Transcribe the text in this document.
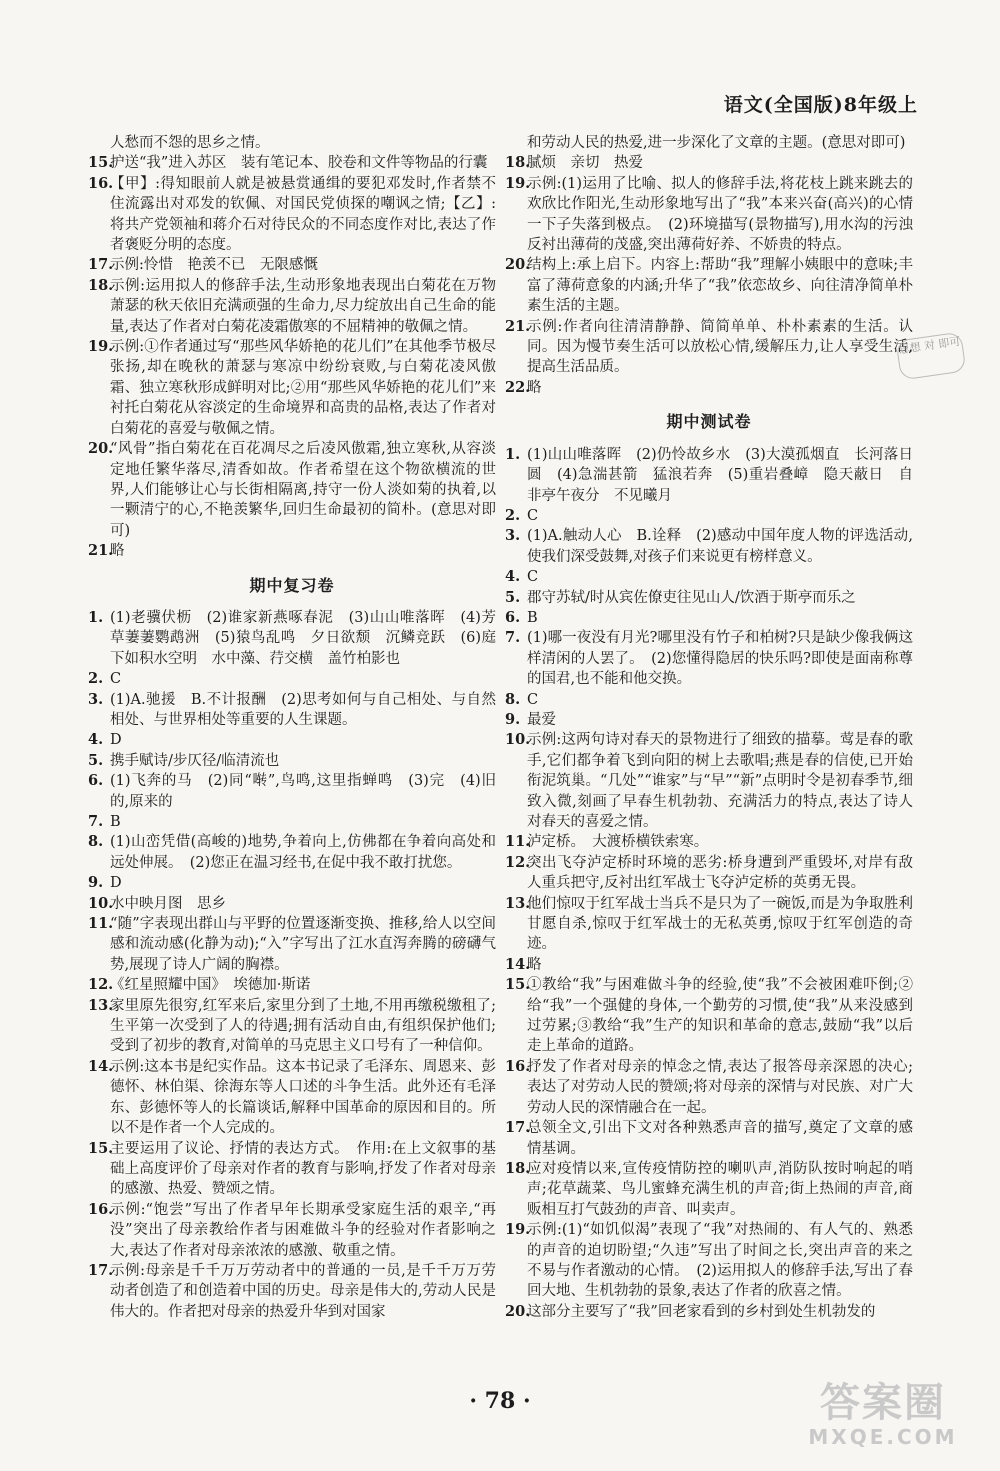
语文(全国版)8年级上

人愁而不怨的思乡之情。

15.
护送“我”进入苏区　装有笔记本、胶卷和文件等物品的行囊

16.
【甲】:得知眼前人就是被悬赏通缉的要犯邓发时,作者禁不住流露出对邓发的钦佩、对国民党侦探的嘲讽之情;【乙】:将共产党领袖和蒋介石对待民众的不同态度作对比,表达了作者褒贬分明的态度。

17.
示例:怜惜　艳羡不已　无限感慨

18.
示例:运用拟人的修辞手法,生动形象地表现出白菊花在万物萧瑟的秋天依旧充满顽强的生命力,尽力绽放出自己生命的能量,表达了作者对白菊花凌霜傲寒的不屈精神的敬佩之情。

19.
示例:①作者通过写“那些风华娇艳的花儿们”在其他季节极尽张扬,却在晚秋的萧瑟与寒凉中纷纷衰败,与白菊花凌风傲霜、独立寒秋形成鲜明对比;②用“那些风华娇艳的花儿们”来衬托白菊花从容淡定的生命境界和高贵的品格,表达了作者对白菊花的喜爱与敬佩之情。

20.
“风骨”指白菊花在百花凋尽之后凌风傲霜,独立寒秋,从容淡定地任繁华落尽,清香如故。作者希望在这个物欲横流的世界,人们能够让心与长街相隔离,持守一份人淡如菊的执着,以一颗清宁的心,不艳羡繁华,回归生命最初的简朴。(意思对即可)

21.
略

期中复习卷

1. (1)老骥伏枥　(2)谁家新燕啄春泥　(3)山山唯落晖　(4)芳草萋萋鹦鹉洲　(5)猿鸟乱鸣　夕日欲颓　沉鳞竞跃　(6)庭下如积水空明　水中藻、荇交横　盖竹柏影也

2. C

3. (1)A.驰援　B.不计报酬　(2)思考如何与自己相处、与自然相处、与世界相处等重要的人生课题。

4. D

5. 携手赋诗/步仄径/临清流也

6. (1)飞奔的马　(2)同“啭”,鸟鸣,这里指蝉鸣　(3)完　(4)旧的,原来的

7. B

8. (1)山峦凭借(高峻的)地势,争着向上,仿佛都在争着向高处和远处伸展。　(2)您正在温习经书,在促中我不敢打扰您。

9. D

10.
水中映月图　思乡

11.
“随”字表现出群山与平野的位置逐渐变换、推移,给人以空间感和流动感(化静为动);“入”字写出了江水直泻奔腾的磅礴气势,展现了诗人广阔的胸襟。

12.
《红星照耀中国》　埃德加·斯诺

13.
家里原先很穷,红军来后,家里分到了土地,不用再缴税缴租了;生平第一次受到了人的待遇;拥有活动自由,有组织保护他们;受到了初步的教育,对简单的马克思主义口号有了一种信仰。

14.
示例:这本书是纪实作品。这本书记录了毛泽东、周恩来、彭德怀、林伯渠、徐海东等人口述的斗争生活。此外还有毛泽东、彭德怀等人的长篇谈话,解释中国革命的原因和目的。所以不是作者一个人完成的。

15.
主要运用了议论、抒情的表达方式。　作用:在上文叙事的基础上高度评价了母亲对作者的教育与影响,抒发了作者对母亲的感激、热爱、赞颂之情。

16.
示例:“饱尝”写出了作者早年长期承受家庭生活的艰辛,“再没”突出了母亲教给作者与困难做斗争的经验对作者影响之大,表达了作者对母亲浓浓的感激、敬重之情。

17.
示例:母亲是千千万万劳动者中的普通的一员,是千千万万劳动者创造了和创造着中国的历史。母亲是伟大的,劳动人民是伟大的。作者把对母亲的热爱升华到对国家

和劳动人民的热爱,进一步深化了文章的主题。(意思对即可)

18.
腻烦　亲切　热爱

19.
示例:(1)运用了比喻、拟人的修辞手法,将花枝上跳来跳去的欢欣比作阳光,生动形象地写出了“我”本来兴奋(高兴)的心情一下子失落到极点。　(2)环境描写(景物描写),用水沟的污浊反衬出薄荷的茂盛,突出薄荷好养、不娇贵的特点。

20.
结构上:承上启下。内容上:帮助“我”理解小姨眼中的意味;丰富了薄荷意象的内涵;升华了“我”依恋故乡、向往清净简单朴素生活的主题。

21.
示例:作者向往清清静静、简简单单、朴朴素素的生活。认同。因为慢节奏生活可以放松心情,缓解压力,让人享受生活,提高生活品质。

22.
略

期中测试卷

1. (1)山山唯落晖　(2)仍怜故乡水　(3)大漠孤烟直　长河落日圆　(4)急湍甚箭　猛浪若奔　(5)重岩叠嶂　隐天蔽日　自非亭午夜分　不见曦月

2. C

3. (1)A.触动人心　B.诠释　(2)感动中国年度人物的评选活动,使我们深受鼓舞,对孩子们来说更有榜样意义。

4. C

5. 郡守苏轼/时从宾佐僚吏往见山人/饮酒于斯亭而乐之

6. B

7. (1)哪一夜没有月光?哪里没有竹子和柏树?只是缺少像我俩这样清闲的人罢了。　(2)您懂得隐居的快乐吗?即使是面南称尊的国君,也不能和他交换。

8. C

9. 最爱

10.
示例:这两句诗对春天的景物进行了细致的描摹。莺是春的歌手,它们都争着飞到向阳的树上去歌唱;燕是春的信使,已开始衔泥筑巢。“几处”“谁家”与“早”“新”点明时令是初春季节,细致入微,刻画了早春生机勃勃、充满活力的特点,表达了诗人对春天的喜爱之情。

11.
泸定桥。　大渡桥横铁索寒。

12.
突出飞夺泸定桥时环境的恶劣:桥身遭到严重毁坏,对岸有敌人重兵把守,反衬出红军战士飞夺泸定桥的英勇无畏。

13.
他们惊叹于红军战士当兵不是只为了一碗饭,而是为争取胜利甘愿自杀,惊叹于红军战士的无私英勇,惊叹于红军创造的奇迹。

14.
略

15.
①教给“我”与困难做斗争的经验,使“我”不会被困难吓倒;②给“我”一个强健的身体,一个勤劳的习惯,使“我”从来没感到过劳累;③教给“我”生产的知识和革命的意志,鼓励“我”以后走上革命的道路。

16.
抒发了作者对母亲的悼念之情,表达了报答母亲深恩的决心;表达了对劳动人民的赞颂;将对母亲的深情与对民族、对广大劳动人民的深情融合在一起。

17.
总领全文,引出下文对各种熟悉声音的描写,奠定了文章的感情基调。

18.
应对疫情以来,宣传疫情防控的喇叭声,消防队按时响起的哨声;花草蔬菜、鸟儿蜜蜂充满生机的声音;街上热闹的声音,商贩相互打气鼓劲的声音、叫卖声。

19.
示例:(1)“如饥似渴”表现了“我”对热闹的、有人气的、熟悉的声音的迫切盼望;“久违”写出了时间之长,突出声音的来之不易与作者激动的心情。　(2)运用拟人的修辞手法,写出了春回大地、生机勃勃的景象,表达了作者的欣喜之情。

20.
这部分主要写了“我”回老家看到的乡村到处生机勃发的

思想 对 即可
· 78 ·	答案圈
MXQE.COM
